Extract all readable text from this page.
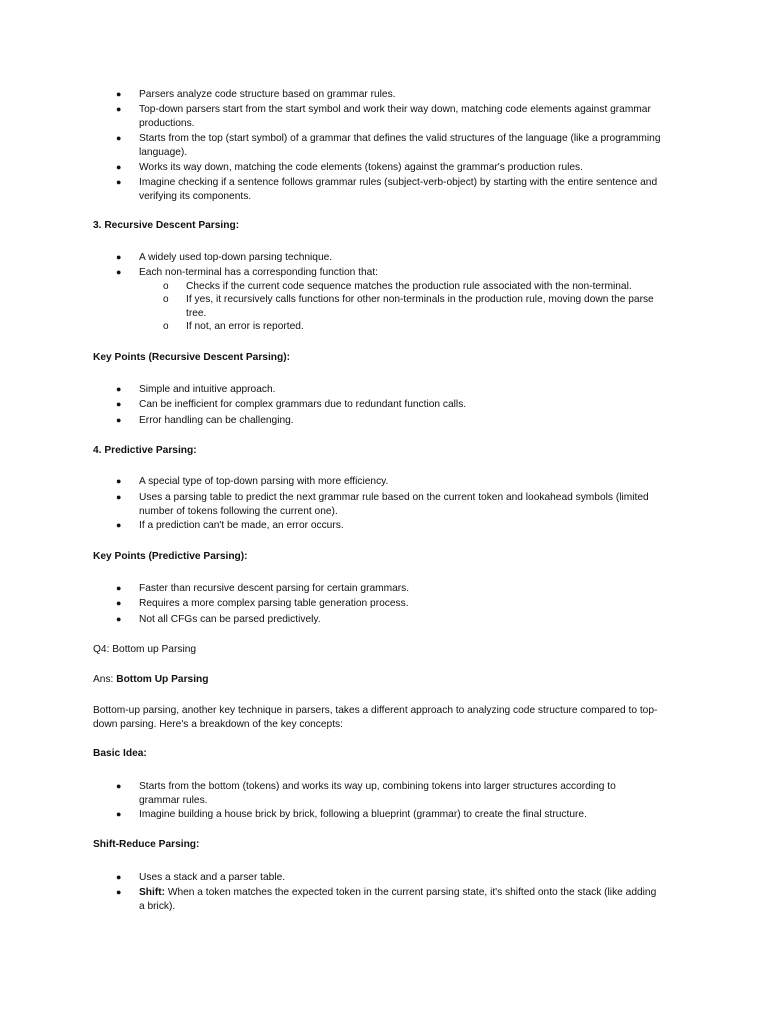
● Parsers analyze code structure based on grammar rules.
● Top-down parsers start from the start symbol and work their way down, matching code elements against grammar productions.
● Starts from the top (start symbol) of a grammar that defines the valid structures of the language (like a programming language).
● Works its way down, matching the code elements (tokens) against the grammar's production rules.
● Imagine checking if a sentence follows grammar rules (subject-verb-object) by starting with the entire sentence and verifying its components.
3. Recursive Descent Parsing:
● A widely used top-down parsing technique.
● Each non-terminal has a corresponding function that:
o Checks if the current code sequence matches the production rule associated with the non-terminal.
o If yes, it recursively calls functions for other non-terminals in the production rule, moving down the parse tree.
o If not, an error is reported.
Key Points (Recursive Descent Parsing):
● Simple and intuitive approach.
● Can be inefficient for complex grammars due to redundant function calls.
● Error handling can be challenging.
4. Predictive Parsing:
● A special type of top-down parsing with more efficiency.
● Uses a parsing table to predict the next grammar rule based on the current token and lookahead symbols (limited number of tokens following the current one).
● If a prediction can't be made, an error occurs.
Key Points (Predictive Parsing):
● Faster than recursive descent parsing for certain grammars.
● Requires a more complex parsing table generation process.
● Not all CFGs can be parsed predictively.
Q4: Bottom up Parsing
Ans: Bottom Up Parsing
Bottom-up parsing, another key technique in parsers, takes a different approach to analyzing code structure compared to top-down parsing. Here's a breakdown of the key concepts:
Basic Idea:
● Starts from the bottom (tokens) and works its way up, combining tokens into larger structures according to grammar rules.
● Imagine building a house brick by brick, following a blueprint (grammar) to create the final structure.
Shift-Reduce Parsing:
● Uses a stack and a parser table.
● Shift: When a token matches the expected token in the current parsing state, it's shifted onto the stack (like adding a brick).
